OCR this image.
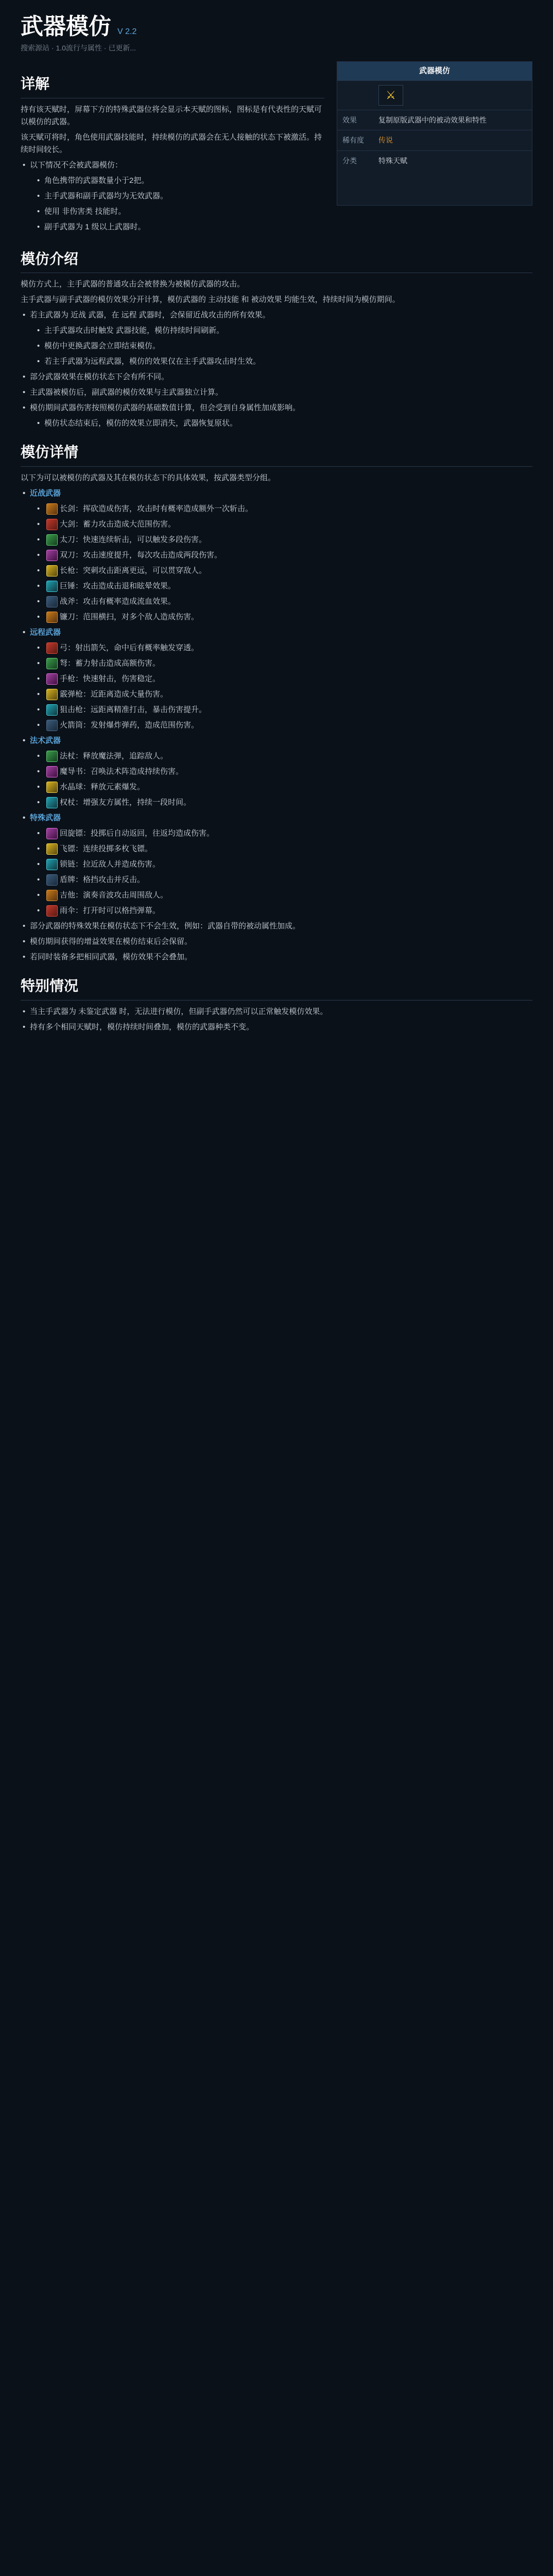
武器模仿 V 2.2
搜索源站 · 1.0流行与属性 · 已更新...
详解

持有该天赋时，屏幕下方的特殊武器位将会显示本天赋的图标，图标是有代表性的天赋可以模仿的武器。

该天赋可将时，角色使用武器技能时，持续模仿的武器会在无人接触的状态下被激活。持续时间较长。

• 以下情况不会被武器模仿：
• 角色携带的武器数量小于2把。
• 主手武器和副手武器均为无效武器。
• 使用 非伤害类 技能时。
• 副手武器为 1 级以上武器时。
武器模仿
⚔
效果	复制原版武器中的被动效果和特性
稀有度	传说
分类	特殊天赋
模仿介绍

模仿方式上，主手武器的普通攻击会被替换为被模仿武器的攻击。

主手武器与副手武器的模仿效果分开计算，模仿武器的 主动技能 和 被动效果 均能生效，持续时间为模仿期间。

• 若主武器为 近战 武器，在 远程 武器时，会保留近战攻击的所有效果。
• 主手武器攻击时触发 武器技能，模仿持续时间刷新。
• 模仿中更换武器会立即结束模仿。
• 若主手武器为远程武器，模仿的效果仅在主手武器攻击时生效。
• 部分武器效果在模仿状态下会有所不同。
• 主武器被模仿后，副武器的模仿效果与主武器独立计算。
• 模仿期间武器伤害按照模仿武器的基础数值计算，但会受到自身属性加成影响。
• 模仿状态结束后，模仿的效果立即消失，武器恢复原状。
模仿详情

以下为可以被模仿的武器及其在模仿状态下的具体效果，按武器类型分组。

• 近战武器
• 长剑：挥砍造成伤害，攻击时有概率造成额外一次斩击。
• 大剑：蓄力攻击造成大范围伤害。
• 太刀：快速连续斩击，可以触发多段伤害。
• 双刀：攻击速度提升，每次攻击造成两段伤害。
• 长枪：突刺攻击距离更远，可以贯穿敌人。
• 巨锤：攻击造成击退和眩晕效果。
• 战斧：攻击有概率造成流血效果。
• 镰刀：范围横扫，对多个敌人造成伤害。
• 远程武器
• 弓：射出箭矢，命中后有概率触发穿透。
• 弩：蓄力射击造成高额伤害。
• 手枪：快速射击，伤害稳定。
• 霰弹枪：近距离造成大量伤害。
• 狙击枪：远距离精准打击，暴击伤害提升。
• 火箭筒：发射爆炸弹药，造成范围伤害。
• 法术武器
• 法杖：释放魔法弹，追踪敌人。
• 魔导书：召唤法术阵造成持续伤害。
• 水晶球：释放元素爆发。
• 权杖：增强友方属性，持续一段时间。
• 特殊武器
• 回旋镖：投掷后自动返回，往返均造成伤害。
• 飞镖：连续投掷多枚飞镖。
• 锁链：拉近敌人并造成伤害。
• 盾牌：格挡攻击并反击。
• 吉他：演奏音波攻击周围敌人。
• 雨伞：打开时可以格挡弹幕。
• 部分武器的特殊效果在模仿状态下不会生效，例如：武器自带的被动属性加成。
• 模仿期间获得的增益效果在模仿结束后会保留。
• 若同时装备多把相同武器，模仿效果不会叠加。
特别情况
• 当主手武器为 未鉴定武器 时，无法进行模仿，但副手武器仍然可以正常触发模仿效果。
• 持有多个相同天赋时，模仿持续时间叠加，模仿的武器种类不变。
